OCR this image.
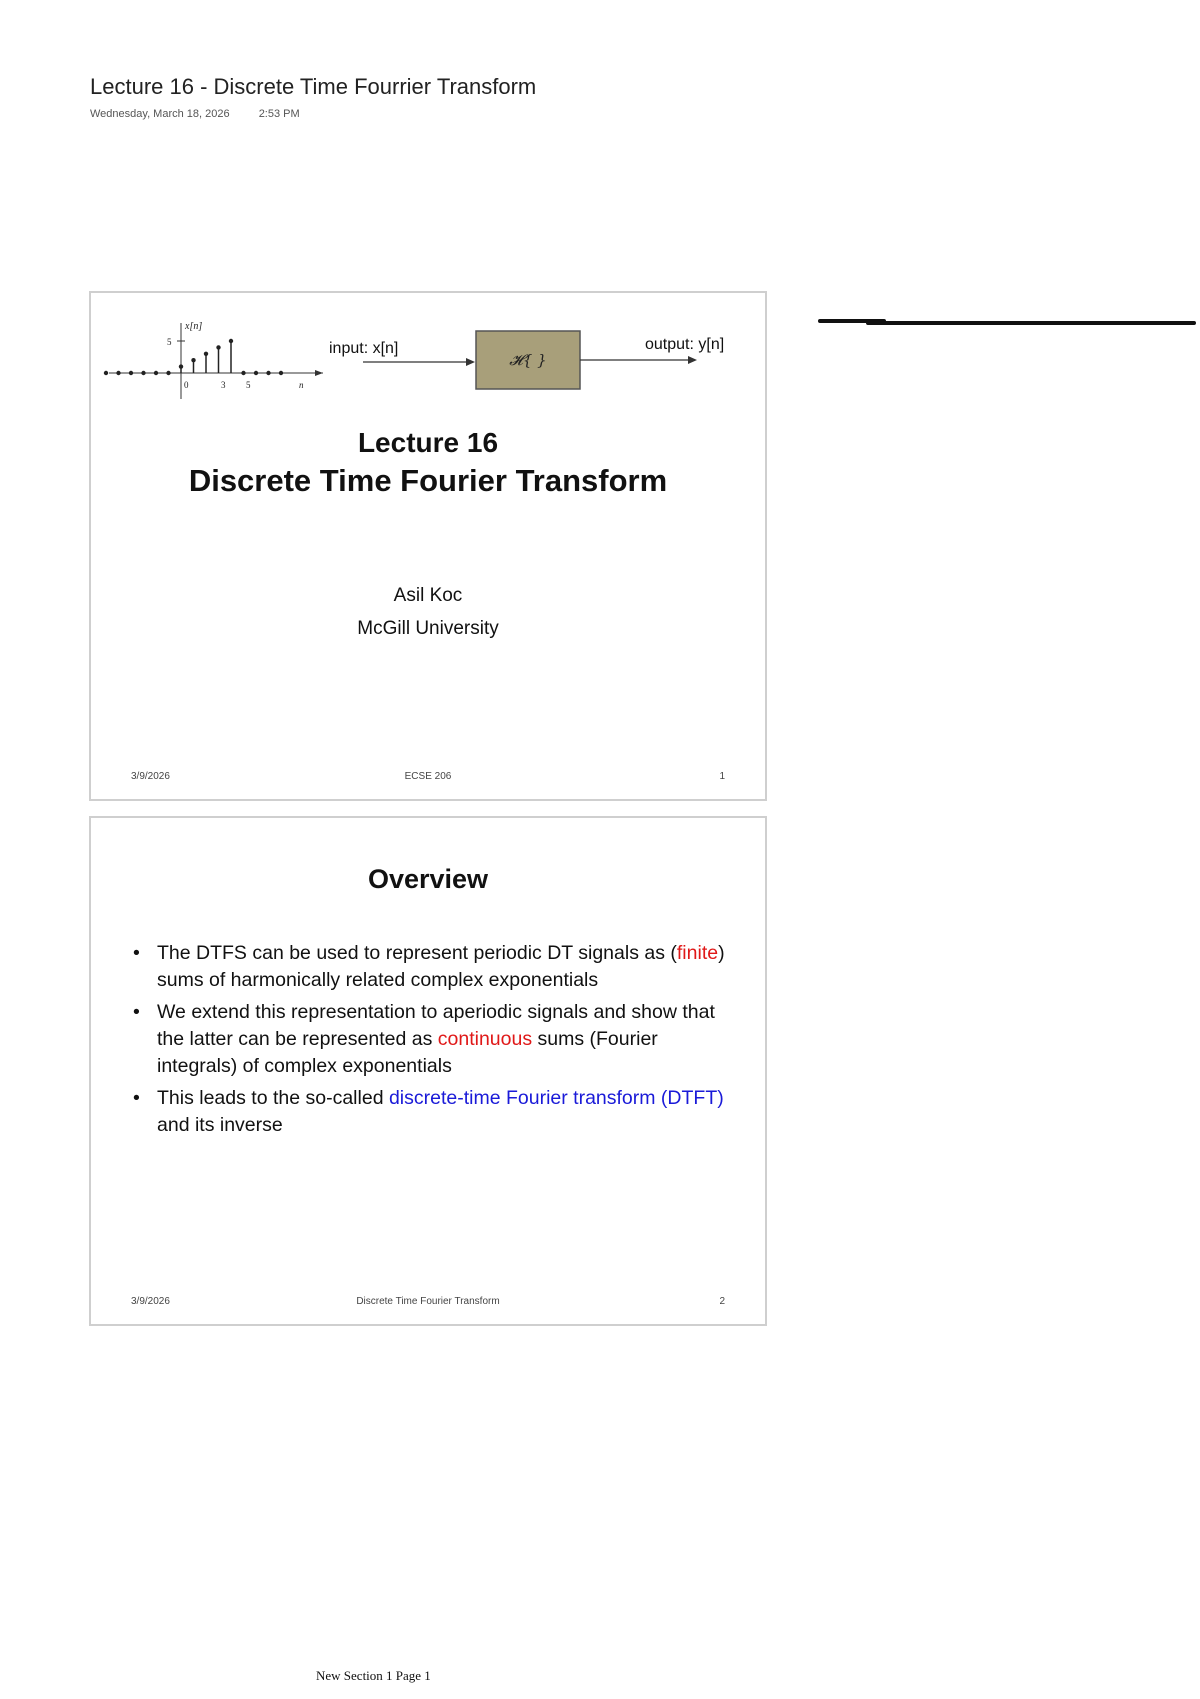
Lecture 16 - Discrete Time Fourrier Transform
Wednesday, March 18, 2026	2:53 PM
x[n]
5
0	3 5	n
input: x[n]
𝓗{ }
output: y[n]
Lecture 16
Discrete Time Fourier Transform
Asil Koc
McGill University
3/9/2026	ECSE 206	1
Overview
• The DTFS can be used to represent periodic DT signals as (finite) sums of harmonically related complex exponentials
• We extend this representation to aperiodic signals and show that the latter can be represented as continuous sums (Fourier integrals) of complex exponentials
• This leads to the so-called discrete-time Fourier transform (DTFT) and its inverse
3/9/2026	Discrete Time Fourier Transform	2
New Section 1 Page 1
